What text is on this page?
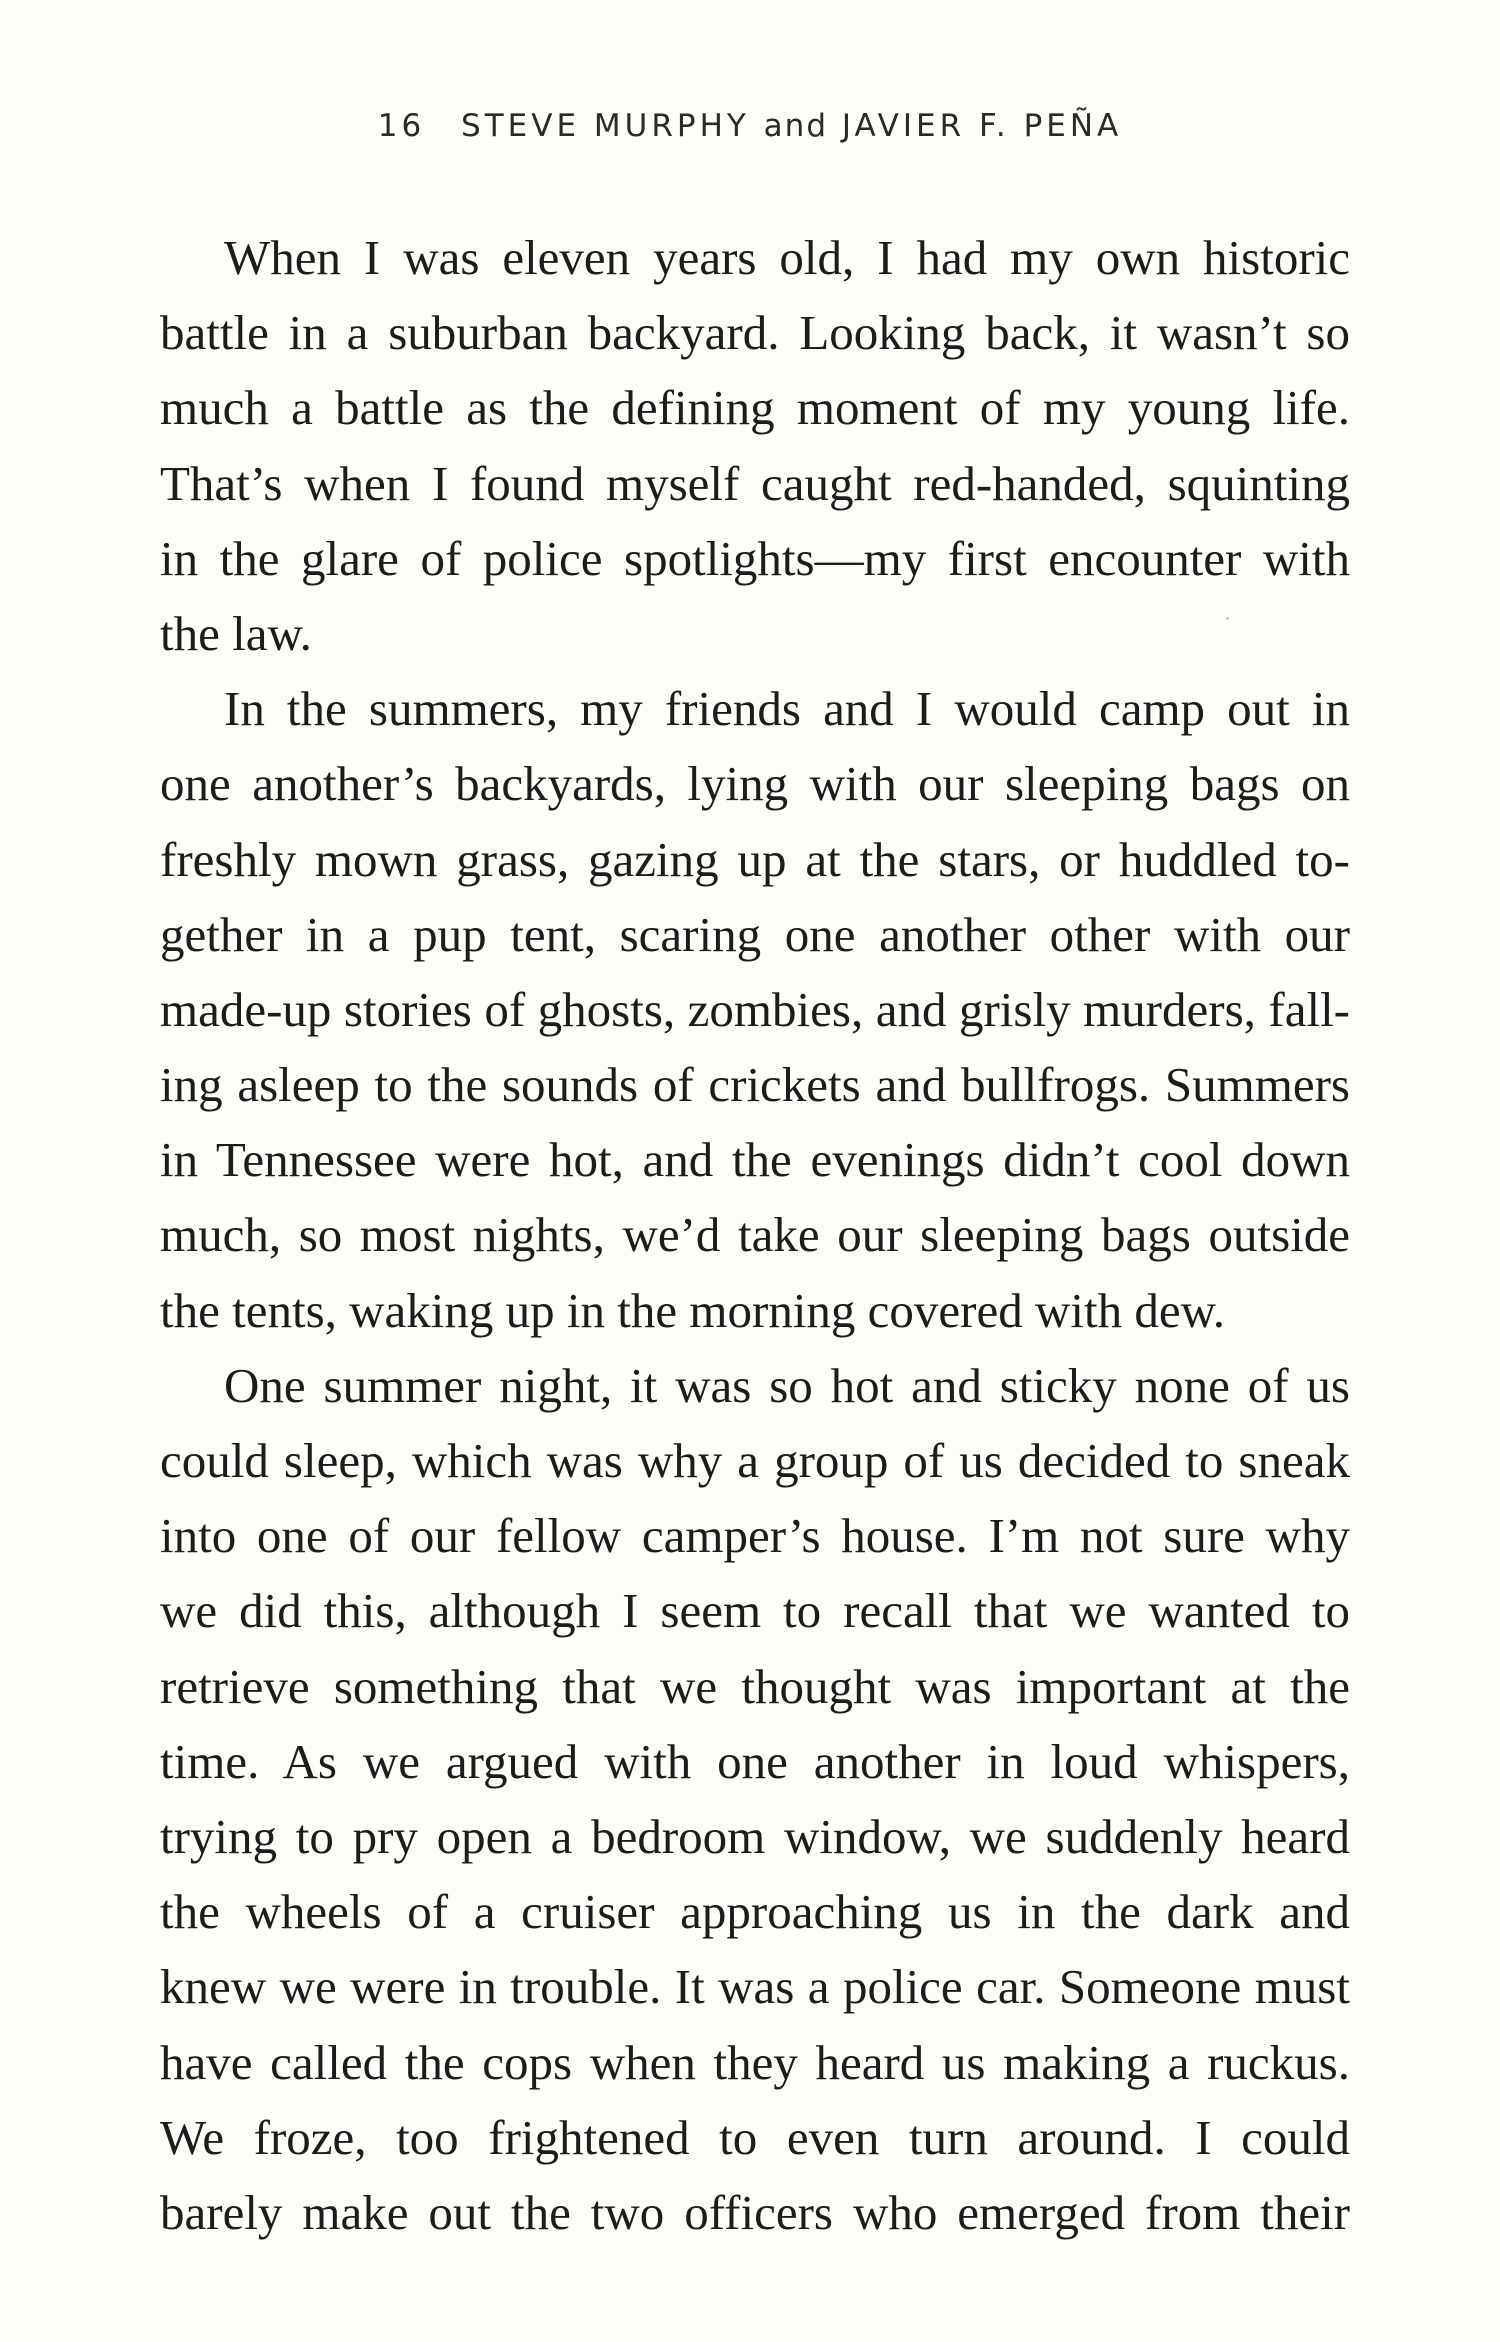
16 STEVE MURPHY and JAVIER F. PEÑA
When I was eleven years old, I had my own historic
battle in a suburban backyard. Looking back, it wasn’t so
much a battle as the defining moment of my young life.
That’s when I found myself caught red-handed, squinting
in the glare of police spotlights—my first encounter with
the law.
In the summers, my friends and I would camp out in
one another’s backyards, lying with our sleeping bags on
freshly mown grass, gazing up at the stars, or huddled to-
gether in a pup tent, scaring one another other with our
made-up stories of ghosts, zombies, and grisly murders, fall-
ing asleep to the sounds of crickets and bullfrogs. Summers
in Tennessee were hot, and the evenings didn’t cool down
much, so most nights, we’d take our sleeping bags outside
the tents, waking up in the morning covered with dew.
One summer night, it was so hot and sticky none of us
could sleep, which was why a group of us decided to sneak
into one of our fellow camper’s house. I’m not sure why
we did this, although I seem to recall that we wanted to
retrieve something that we thought was important at the
time. As we argued with one another in loud whispers,
trying to pry open a bedroom window, we suddenly heard
the wheels of a cruiser approaching us in the dark and
knew we were in trouble. It was a police car. Someone must
have called the cops when they heard us making a ruckus.
We froze, too frightened to even turn around. I could
barely make out the two officers who emerged from their
